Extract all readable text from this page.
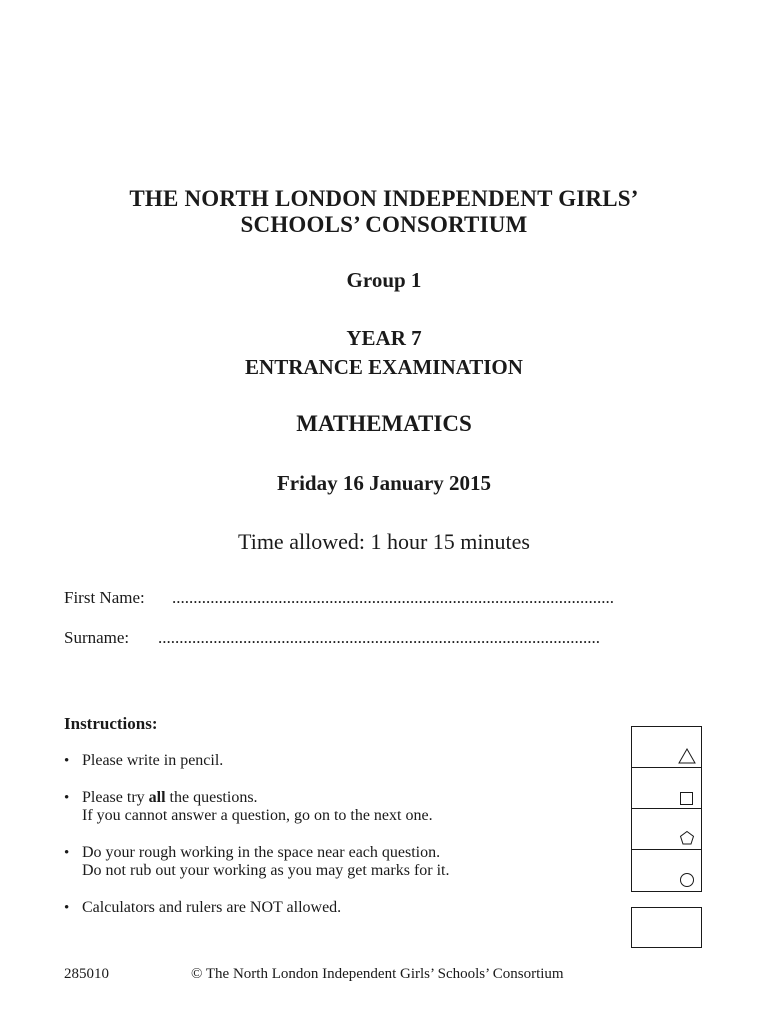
THE NORTH LONDON INDEPENDENT GIRLS’
SCHOOLS’ CONSORTIUM
Group 1
YEAR 7
ENTRANCE EXAMINATION
MATHEMATICS
Friday 16 January 2015
Time allowed: 1 hour 15 minutes
First Name: ........................................................................................................
Surname: ........................................................................................................
Instructions:
• Please write in pencil.
• Please try all the questions.
If you cannot answer a question, go on to the next one.
• Do your rough working in the space near each question.
Do not rub out your working as you may get marks for it.
• Calculators and rulers are NOT allowed.
285010	© The North London Independent Girls’ Schools’ Consortium
